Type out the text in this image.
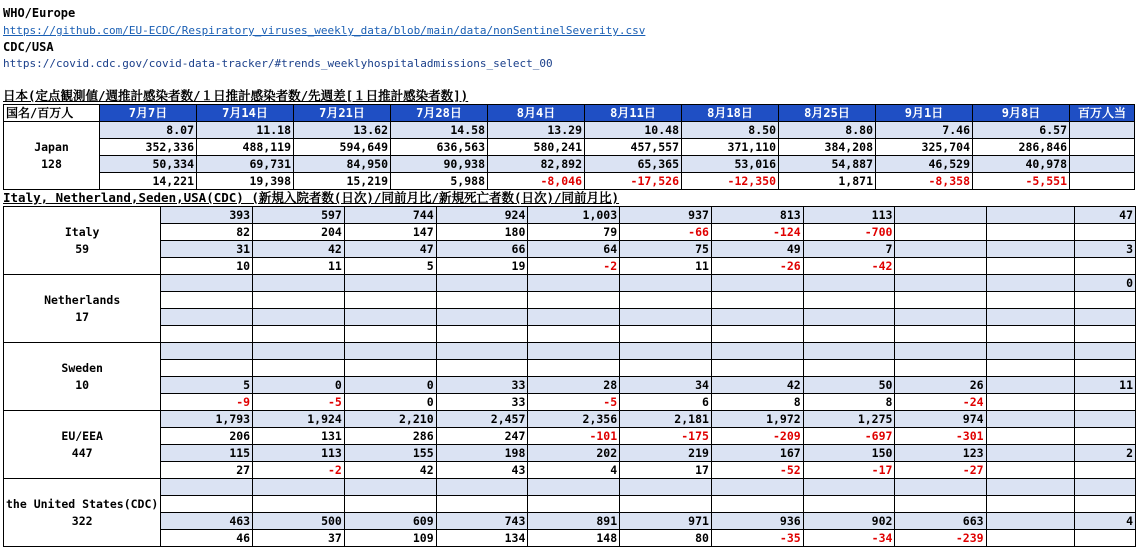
WHO/Europe
https://github.com/EU-ECDC/Respiratory_viruses_weekly_data/blob/main/data/nonSentinelSeverity.csv
CDC/USA
https://covid.cdc.gov/covid-data-tracker/#trends_weeklyhospitaladmissions_select_00
日本(定点観測値/週推計感染者数/１日推計感染者数/先週差[１日推計感染者数])
国名/百万人	7月7日	7月14日	7月21日	7月28日	8月4日	8月11日	8月18日	8月25日	9月1日	9月8日	百万人当

Japan
128	8.07	11.18	13.62	14.58	13.29	10.48	8.50	8.80	7.46	6.57	
	352,336	488,119	594,649	636,563	580,241	457,557	371,110	384,208	325,704	286,846	
	50,334	69,731	84,950	90,938	82,892	65,365	53,016	54,887	46,529	40,978	
	14,221	19,398	15,219	5,988	-8,046	-17,526	-12,350	1,871	-8,358	-5,551	
Italy, Netherland,Seden,USA(CDC) (新規入院者数(日次)/同前月比/新規死亡者数(日次)/同前月比)
Italy
59	393	597	744	924	1,003	937	813	113			47
	82	204	147	180	79	-66	-124	-700			
	31	42	47	66	64	75	49	7			3
	10	11	5	19	-2	11	-26	-42			

Netherlands
17											0

Sweden
10											

	5	0	0	33	28	34	42	50	26		11
	-9	-5	0	33	-5	6	8	8	-24		

EU/EEA
447	1,793	1,924	2,210	2,457	2,356	2,181	1,972	1,275	974		
	206	131	286	247	-101	-175	-209	-697	-301		
	115	113	155	198	202	219	167	150	123		2
	27	-2	42	43	4	17	-52	-17	-27		

the United States(CDC)
322											

	463	500	609	743	891	971	936	902	663		4
	46	37	109	134	148	80	-35	-34	-239		
